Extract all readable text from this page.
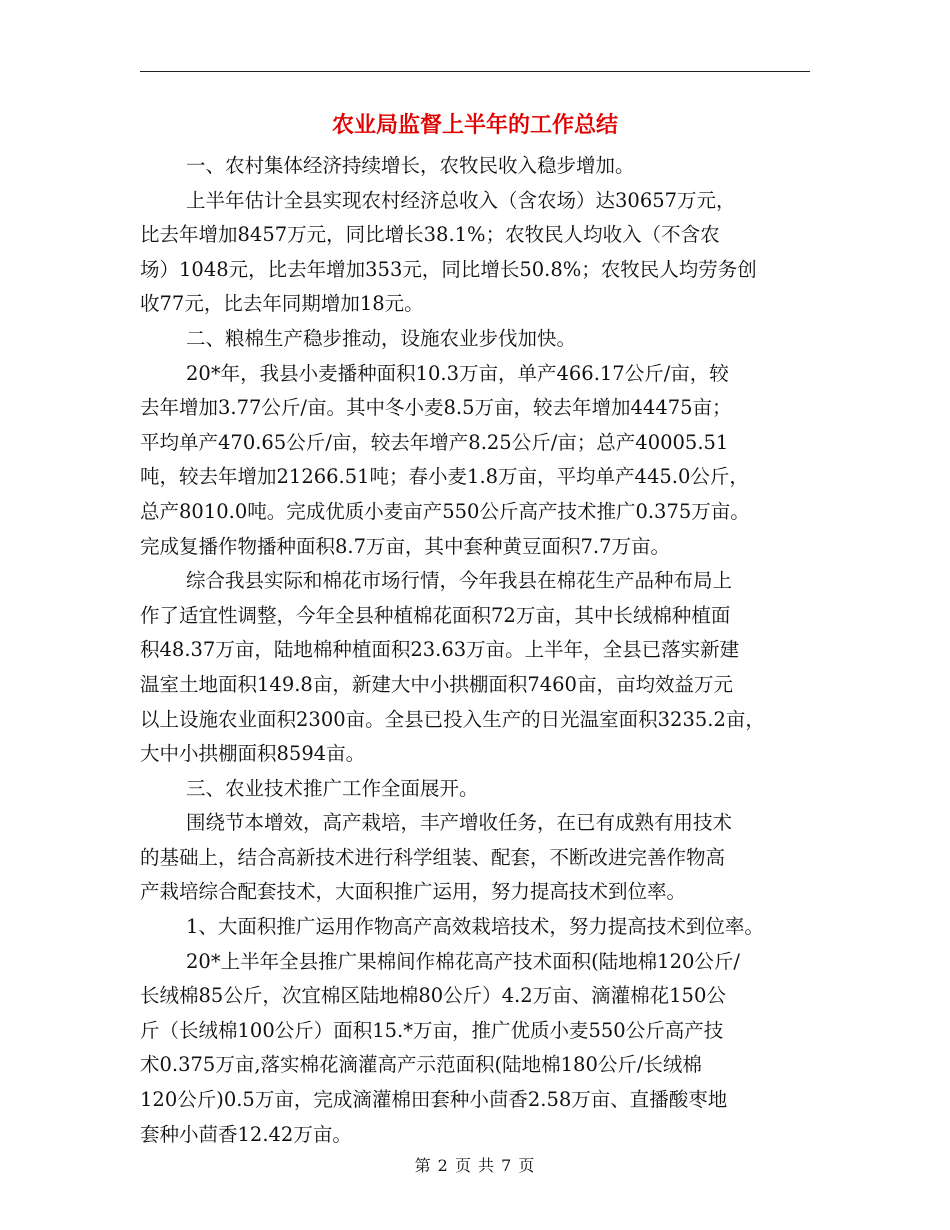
农业局监督上半年的工作总结

一、农村集体经济持续增长，农牧民收入稳步增加。

上半年估计全县实现农村经济总收入（含农场）达30657万元，
比去年增加8457万元，同比增长38.1%；农牧民人均收入（不含农
场）1048元，比去年增加353元，同比增长50.8%；农牧民人均劳务创
收77元，比去年同期增加18元。

二、粮棉生产稳步推动，设施农业步伐加快。

20*年，我县小麦播种面积10.3万亩，单产466.17公斤/亩，较
去年增加3.77公斤/亩。其中冬小麦8.5万亩，较去年增加44475亩；
平均单产470.65公斤/亩，较去年增产8.25公斤/亩；总产40005.51
吨，较去年增加21266.51吨；春小麦1.8万亩，平均单产445.0公斤，
总产8010.0吨。完成优质小麦亩产550公斤高产技术推广0.375万亩。
完成复播作物播种面积8.7万亩，其中套种黄豆面积7.7万亩。

综合我县实际和棉花市场行情，今年我县在棉花生产品种布局上
作了适宜性调整，今年全县种植棉花面积72万亩，其中长绒棉种植面
积48.37万亩，陆地棉种植面积23.63万亩。上半年，全县已落实新建
温室土地面积149.8亩，新建大中小拱棚面积7460亩，亩均效益万元
以上设施农业面积2300亩。全县已投入生产的日光温室面积3235.2亩，
大中小拱棚面积8594亩。

三、农业技术推广工作全面展开。

围绕节本增效，高产栽培，丰产增收任务，在已有成熟有用技术
的基础上，结合高新技术进行科学组装、配套，不断改进完善作物高
产栽培综合配套技术，大面积推广运用，努力提高技术到位率。

1、大面积推广运用作物高产高效栽培技术，努力提高技术到位率。

20*上半年全县推广果棉间作棉花高产技术面积(陆地棉120公斤/
长绒棉85公斤，次宜棉区陆地棉80公斤）4.2万亩、滴灌棉花150公
斤（长绒棉100公斤）面积15.*万亩，推广优质小麦550公斤高产技
术0.375万亩,落实棉花滴灌高产示范面积(陆地棉180公斤/长绒棉
120公斤)0.5万亩，完成滴灌棉田套种小茴香2.58万亩、直播酸枣地
套种小茴香12.42万亩。

第 2 页 共 7 页
